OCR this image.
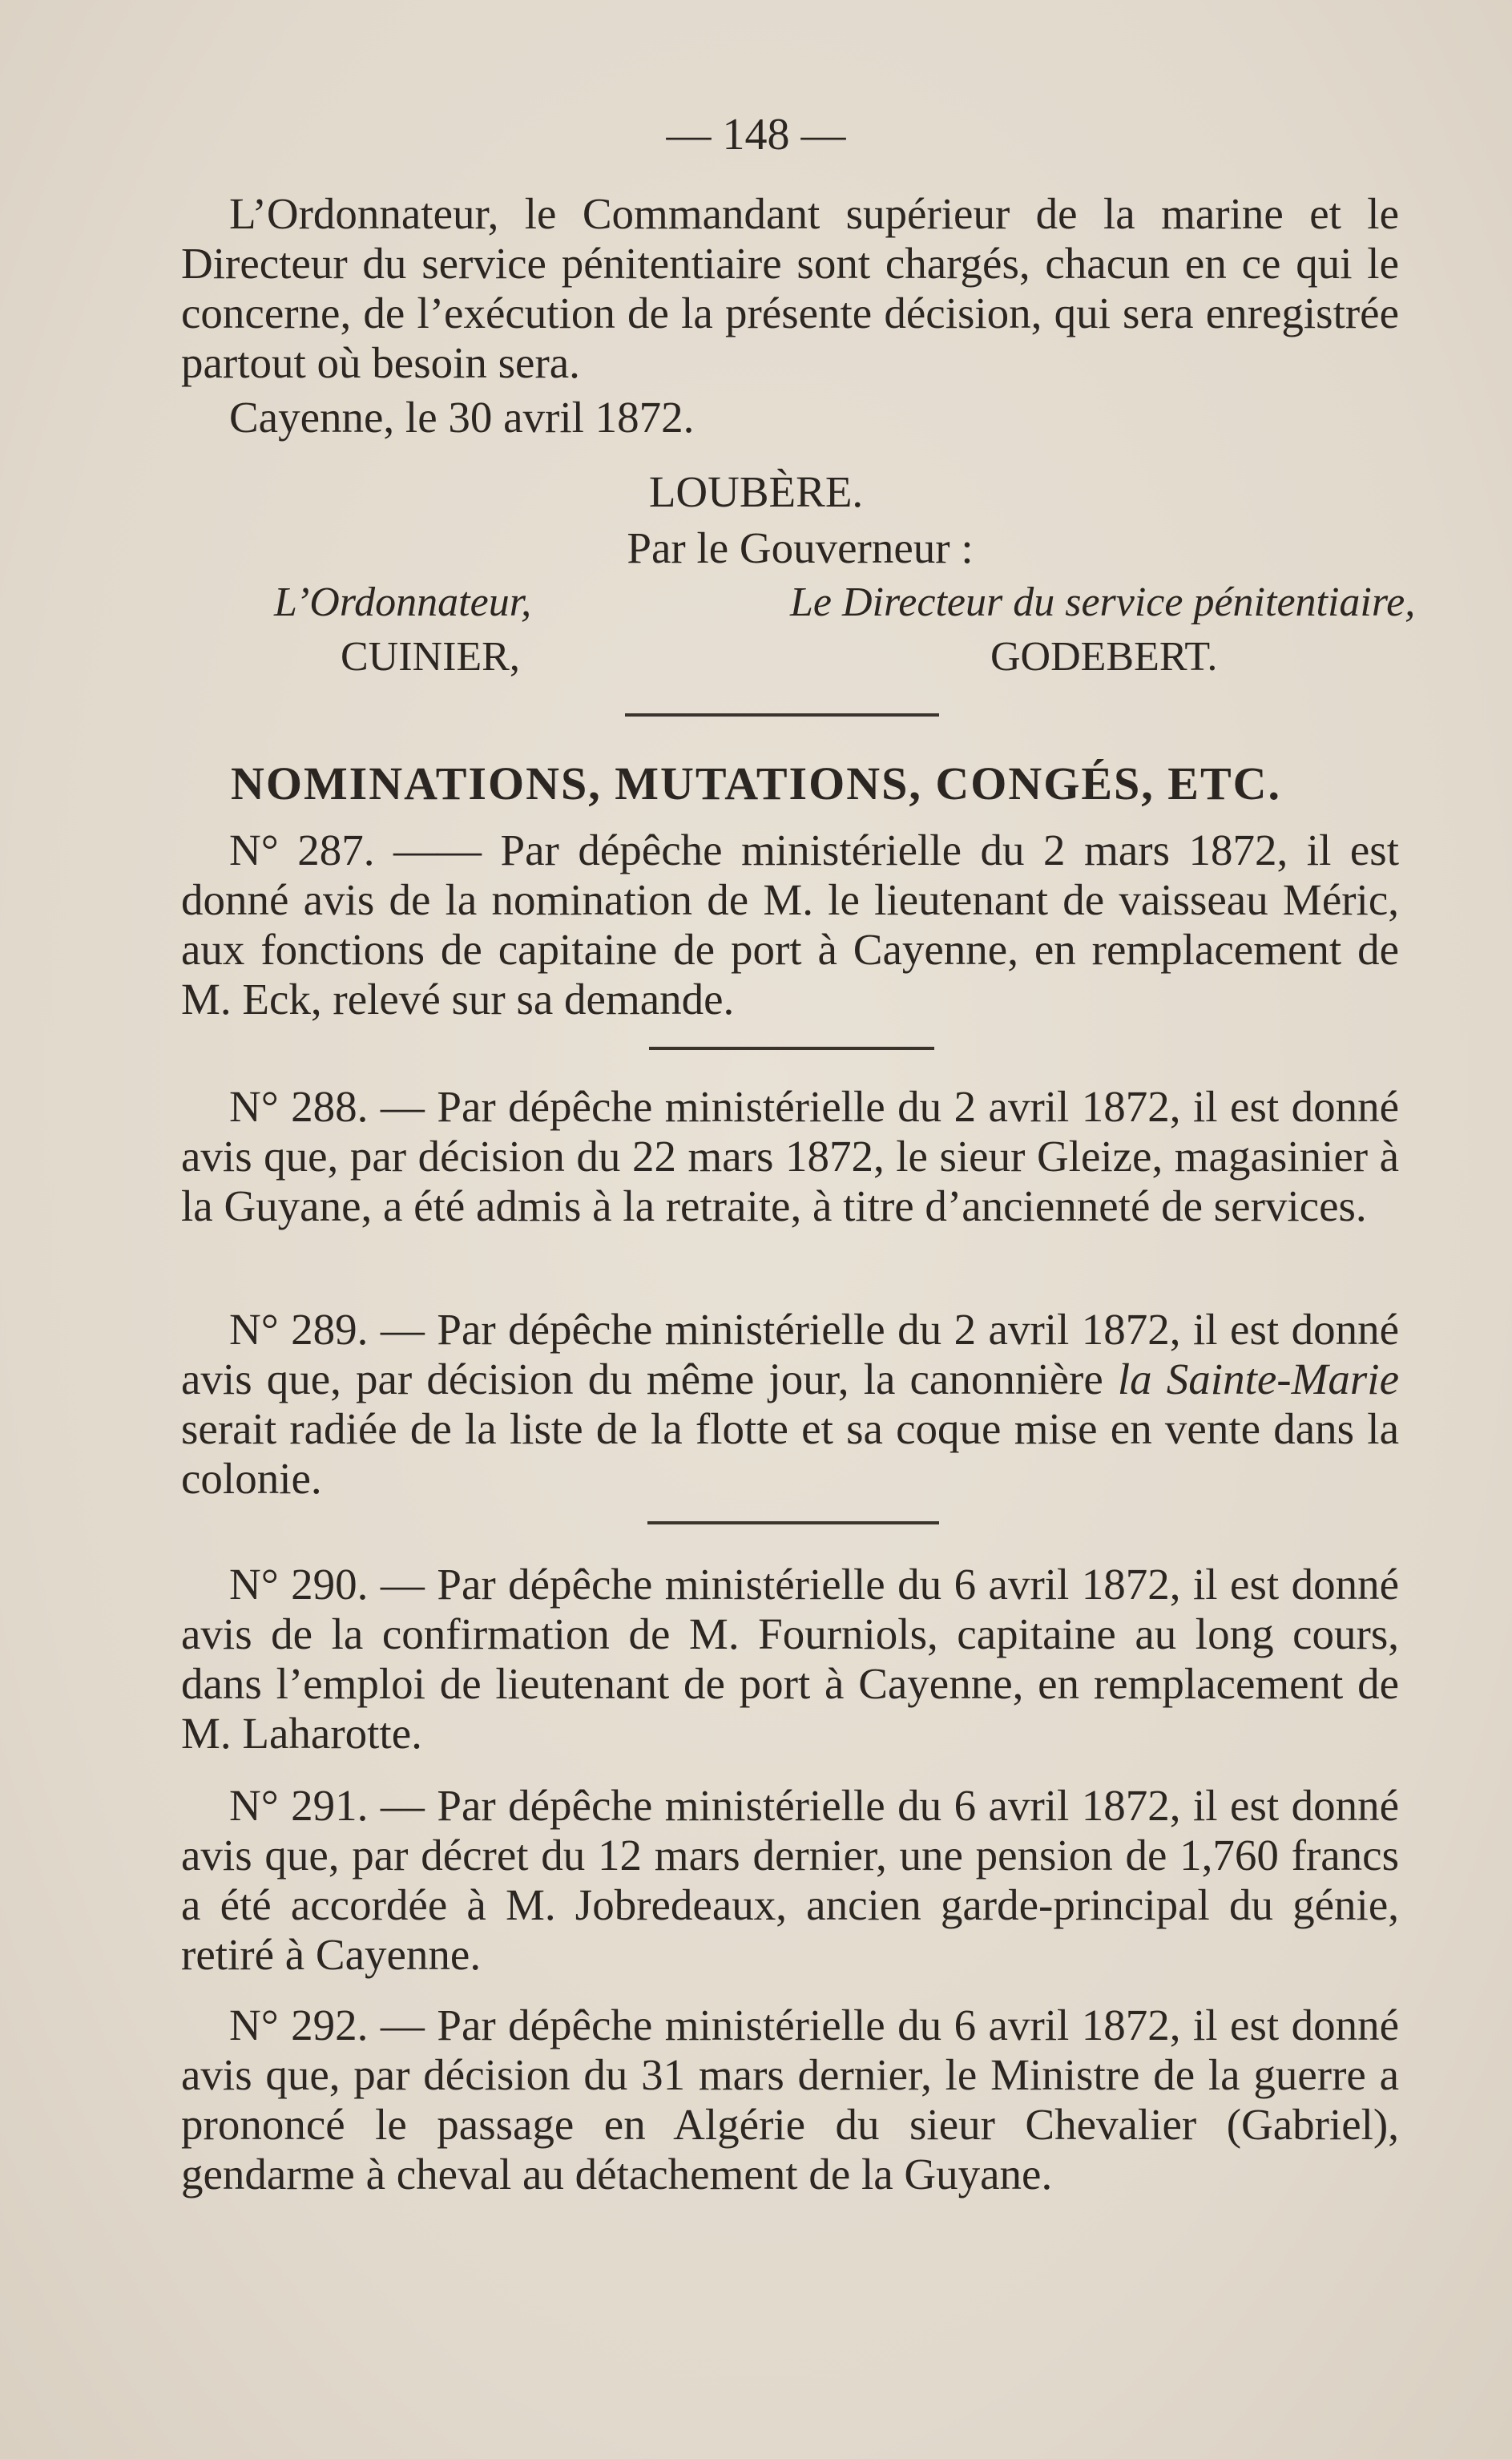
— 148 —

L’Ordonnateur, le Commandant supérieur de la marine et le Directeur du service pénitentiaire sont chargés, chacun en ce qui le concerne, de l’exécution de la présente décision, qui sera enregistrée partout où besoin sera.

Cayenne, le 30 avril 1872.

LOUBÈRE.
Par le Gouverneur :
L’Ordonnateur,
CUINIER,
Le Directeur du service pénitentiaire,
GODEBERT.
NOMINATIONS, MUTATIONS, CONGÉS, ETC.

N° 287. —— Par dépêche ministérielle du 2 mars 1872, il est donné avis de la nomination de M. le lieutenant de vaisseau Méric, aux fonctions de capitaine de port à Cayenne, en remplacement de M. Eck, relevé sur sa demande.

N° 288. — Par dépêche ministérielle du 2 avril 1872, il est donné avis que, par décision du 22 mars 1872, le sieur Gleize, magasinier à la Guyane, a été admis à la retraite, à titre d’ancienneté de services.

N° 289. — Par dépêche ministérielle du 2 avril 1872, il est donné avis que, par décision du même jour, la canonnière la Sainte-Marie serait radiée de la liste de la flotte et sa coque mise en vente dans la colonie.

N° 290. — Par dépêche ministérielle du 6 avril 1872, il est donné avis de la confirmation de M. Fourniols, capitaine au long cours, dans l’emploi de lieutenant de port à Cayenne, en remplacement de M. Laharotte.

N° 291. — Par dépêche ministérielle du 6 avril 1872, il est donné avis que, par décret du 12 mars dernier, une pension de 1,760 francs a été accordée à M. Jobredeaux, ancien garde-principal du génie, retiré à Cayenne.

N° 292. — Par dépêche ministérielle du 6 avril 1872, il est donné avis que, par décision du 31 mars dernier, le Ministre de la guerre a prononcé le passage en Algérie du sieur Chevalier (Gabriel), gendarme à cheval au détachement de la Guyane.
